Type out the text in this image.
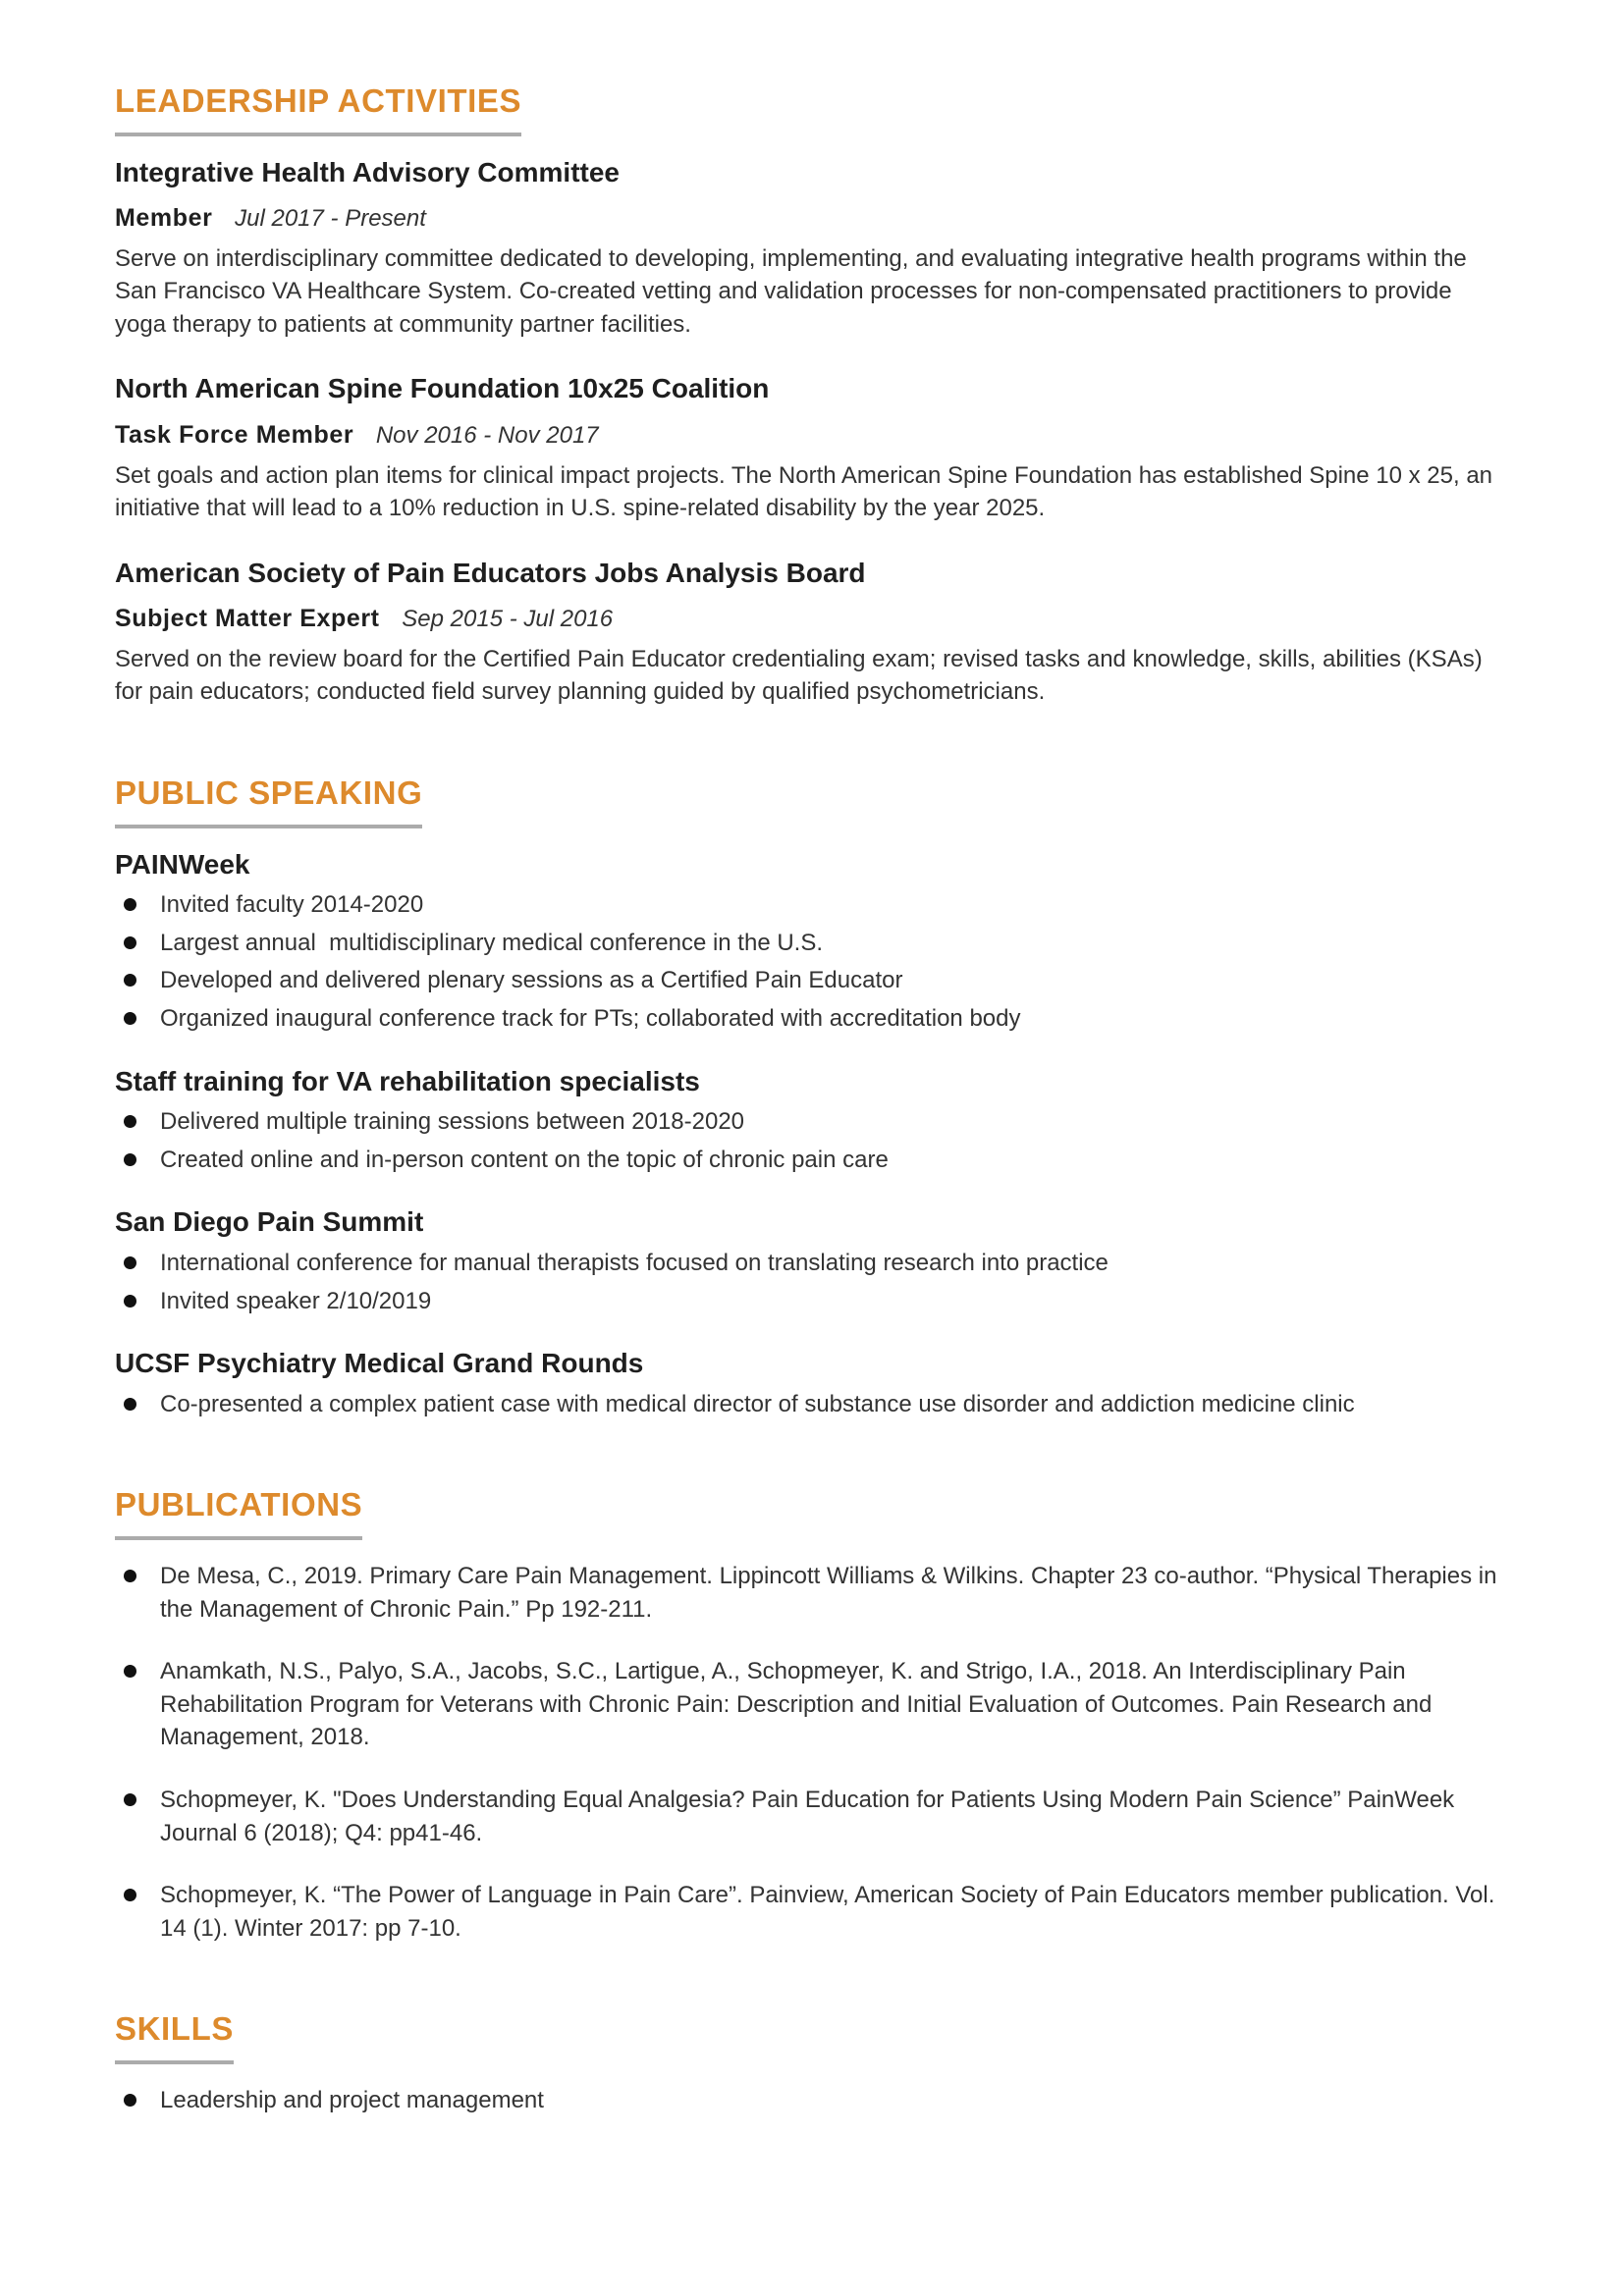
LEADERSHIP ACTIVITIES
Integrative Health Advisory Committee

Member Jul 2017 - Present

Serve on interdisciplinary committee dedicated to developing, implementing, and evaluating integrative health programs within the San Francisco VA Healthcare System. Co-created vetting and validation processes for non-compensated practitioners to provide yoga therapy to patients at community partner facilities.

North American Spine Foundation 10x25 Coalition

Task Force Member Nov 2016 - Nov 2017

Set goals and action plan items for clinical impact projects. The North American Spine Foundation has established Spine 10 x 25, an initiative that will lead to a 10% reduction in U.S. spine-related disability by the year 2025.

American Society of Pain Educators Jobs Analysis Board

Subject Matter Expert Sep 2015 - Jul 2016

Served on the review board for the Certified Pain Educator credentialing exam; revised tasks and knowledge, skills, abilities (KSAs) for pain educators; conducted field survey planning guided by qualified psychometricians.

PUBLIC SPEAKING
PAINWeek
Invited faculty 2014-2020
Largest annual  multidisciplinary medical conference in the U.S.
Developed and delivered plenary sessions as a Certified Pain Educator
Organized inaugural conference track for PTs; collaborated with accreditation body
Staff training for VA rehabilitation specialists
Delivered multiple training sessions between 2018-2020
Created online and in-person content on the topic of chronic pain care
San Diego Pain Summit
International conference for manual therapists focused on translating research into practice
Invited speaker 2/10/2019
UCSF Psychiatry Medical Grand Rounds
Co-presented a complex patient case with medical director of substance use disorder and addiction medicine clinic
PUBLICATIONS
De Mesa, C., 2019. Primary Care Pain Management. Lippincott Williams & Wilkins. Chapter 23 co-author. “Physical Therapies in the Management of Chronic Pain.” Pp 192-211.
Anamkath, N.S., Palyo, S.A., Jacobs, S.C., Lartigue, A., Schopmeyer, K. and Strigo, I.A., 2018. An Interdisciplinary Pain Rehabilitation Program for Veterans with Chronic Pain: Description and Initial Evaluation of Outcomes. Pain Research and Management, 2018.
Schopmeyer, K. "Does Understanding Equal Analgesia? Pain Education for Patients Using Modern Pain Science” PainWeek Journal 6 (2018); Q4: pp41-46.
Schopmeyer, K. “The Power of Language in Pain Care”. Painview, American Society of Pain Educators member publication. Vol. 14 (1). Winter 2017: pp 7-10.
SKILLS
Leadership and project management
